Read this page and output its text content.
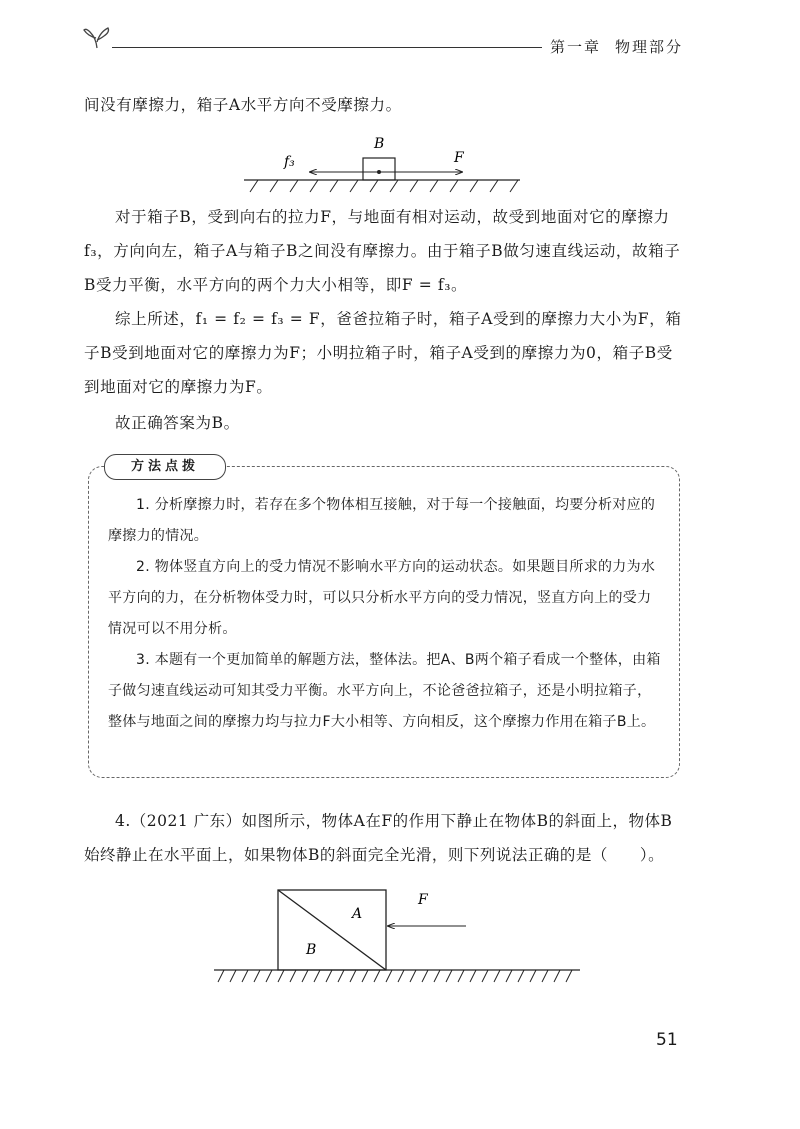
第一章 物理部分

间没有摩擦力，箱子A水平方向不受摩擦力。

B
f₃	F

对于箱子B，受到向右的拉力F，与地面有相对运动，故受到地面对它的摩擦力f₃，方向向左，箱子A与箱子B之间没有摩擦力。由于箱子B做匀速直线运动，故箱子B受力平衡，水平方向的两个力大小相等，即F = f₃。

综上所述，f₁ = f₂ = f₃ = F，爸爸拉箱子时，箱子A受到的摩擦力大小为F，箱子B受到地面对它的摩擦力为F；小明拉箱子时，箱子A受到的摩擦力为0，箱子B受到地面对它的摩擦力为F。

故正确答案为B。

方法点拨

1. 分析摩擦力时，若存在多个物体相互接触，对于每一个接触面，均要分析对应的摩擦力的情况。

2. 物体竖直方向上的受力情况不影响水平方向的运动状态。如果题目所求的力为水平方向的力，在分析物体受力时，可以只分析水平方向的受力情况，竖直方向上的受力情况可以不用分析。

3. 本题有一个更加简单的解题方法，整体法。把A、B两个箱子看成一个整体，由箱子做匀速直线运动可知其受力平衡。水平方向上，不论爸爸拉箱子，还是小明拉箱子，整体与地面之间的摩擦力均与拉力F大小相等、方向相反，这个摩擦力作用在箱子B上。

4.（2021 广东）如图所示，物体A在F的作用下静止在物体B的斜面上，物体B始终静止在水平面上，如果物体B的斜面完全光滑，则下列说法正确的是（　　）。

A
B
F
51
